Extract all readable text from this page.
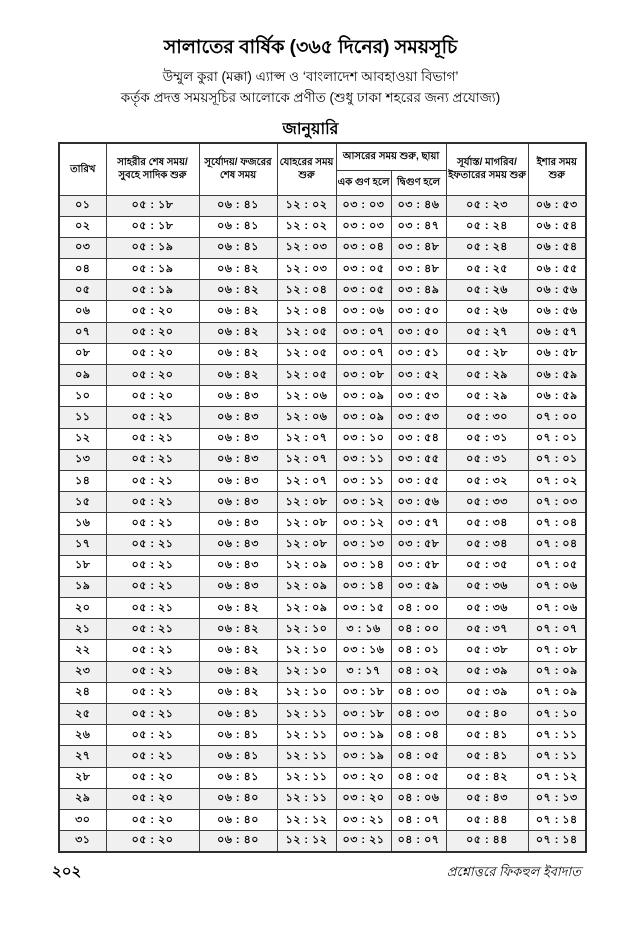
সালাতের বার্ষিক (৩৬৫ দিনের) সময়সূচি
উম্মুল কুরা (মক্কা) এ্যাপ্স ও ‘বাংলাদেশ আবহাওয়া বিভাগ’
কর্তৃক প্রদত্ত সময়সূচির আলোকে প্রণীত (শুধু ঢাকা শহরের জন্য প্রযোজ্য)
জানুয়ারি
তারিখ	সাহরীর শেষ সময়/ সুবহে সাদিক শুরু	সূর্যোদয়/ ফজরের শেষ সময়	যোহরের সময় শুরু	আসরের সময় শুরু, ছায়া		সূর্যাস্ত/ মাগরিব/ ইফতারের সময় শুরু	ইশার সময় শুরু
				এক গুণ হলে	দ্বিগুণ হলে		
০১	০৫ : ১৮	০৬ : ৪১	১২ : ০২	০৩ : ০৩	০৩ : ৪৬	০৫ : ২৩	০৬ : ৫৩
০২	০৫ : ১৮	০৬ : ৪১	১২ : ০২	০৩ : ০৩	০৩ : ৪৭	০৫ : ২৪	০৬ : ৫৪
০৩	০৫ : ১৯	০৬ : ৪১	১২ : ০৩	০৩ : ০৪	০৩ : ৪৮	০৫ : ২৪	০৬ : ৫৪
০৪	০৫ : ১৯	০৬ : ৪২	১২ : ০৩	০৩ : ০৫	০৩ : ৪৮	০৫ : ২৫	০৬ : ৫৫
০৫	০৫ : ১৯	০৬ : ৪২	১২ : ০৪	০৩ : ০৫	০৩ : ৪৯	০৫ : ২৬	০৬ : ৫৬
০৬	০৫ : ২০	০৬ : ৪২	১২ : ০৪	০৩ : ০৬	০৩ : ৫০	০৫ : ২৬	০৬ : ৫৬
০৭	০৫ : ২০	০৬ : ৪২	১২ : ০৫	০৩ : ০৭	০৩ : ৫০	০৫ : ২৭	০৬ : ৫৭
০৮	০৫ : ২০	০৬ : ৪২	১২ : ০৫	০৩ : ০৭	০৩ : ৫১	০৫ : ২৮	০৬ : ৫৮
০৯	০৫ : ২০	০৬ : ৪২	১২ : ০৫	০৩ : ০৮	০৩ : ৫২	০৫ : ২৯	০৬ : ৫৯
১০	০৫ : ২০	০৬ : ৪৩	১২ : ০৬	০৩ : ০৯	০৩ : ৫৩	০৫ : ২৯	০৬ : ৫৯
১১	০৫ : ২১	০৬ : ৪৩	১২ : ০৬	০৩ : ০৯	০৩ : ৫৩	০৫ : ৩০	০৭ : ০০
১২	০৫ : ২১	০৬ : ৪৩	১২ : ০৭	০৩ : ১০	০৩ : ৫৪	০৫ : ৩১	০৭ : ০১
১৩	০৫ : ২১	০৬ : ৪৩	১২ : ০৭	০৩ : ১১	০৩ : ৫৫	০৫ : ৩১	০৭ : ০১
১৪	০৫ : ২১	০৬ : ৪৩	১২ : ০৭	০৩ : ১১	০৩ : ৫৫	০৫ : ৩২	০৭ : ০২
১৫	০৫ : ২১	০৬ : ৪৩	১২ : ০৮	০৩ : ১২	০৩ : ৫৬	০৫ : ৩৩	০৭ : ০৩
১৬	০৫ : ২১	০৬ : ৪৩	১২ : ০৮	০৩ : ১২	০৩ : ৫৭	০৫ : ৩৪	০৭ : ০৪
১৭	০৫ : ২১	০৬ : ৪৩	১২ : ০৮	০৩ : ১৩	০৩ : ৫৮	০৫ : ৩৪	০৭ : ০৪
১৮	০৫ : ২১	০৬ : ৪৩	১২ : ০৯	০৩ : ১৪	০৩ : ৫৮	০৫ : ৩৫	০৭ : ০৫
১৯	০৫ : ২১	০৬ : ৪৩	১২ : ০৯	০৩ : ১৪	০৩ : ৫৯	০৫ : ৩৬	০৭ : ০৬
২০	০৫ : ২১	০৬ : ৪২	১২ : ০৯	০৩ : ১৫	০৪ : ০০	০৫ : ৩৬	০৭ : ০৬
২১	০৫ : ২১	০৬ : ৪২	১২ : ১০	৩ : ১৬	০৪ : ০০	০৫ : ৩৭	০৭ : ০৭
২২	০৫ : ২১	০৬ : ৪২	১২ : ১০	০৩ : ১৬	০৪ : ০১	০৫ : ৩৮	০৭ : ০৮
২৩	০৫ : ২১	০৬ : ৪২	১২ : ১০	৩ : ১৭	০৪ : ০২	০৫ : ৩৯	০৭ : ০৯
২৪	০৫ : ২১	০৬ : ৪২	১২ : ১০	০৩ : ১৮	০৪ : ০৩	০৫ : ৩৯	০৭ : ০৯
২৫	০৫ : ২১	০৬ : ৪১	১২ : ১১	০৩ : ১৮	০৪ : ০৩	০৫ : ৪০	০৭ : ১০
২৬	০৫ : ২১	০৬ : ৪১	১২ : ১১	০৩ : ১৯	০৪ : ০৪	০৫ : ৪১	০৭ : ১১
২৭	০৫ : ২১	০৬ : ৪১	১২ : ১১	০৩ : ১৯	০৪ : ০৫	০৫ : ৪১	০৭ : ১১
২৮	০৫ : ২০	০৬ : ৪১	১২ : ১১	০৩ : ২০	০৪ : ০৫	০৫ : ৪২	০৭ : ১২
২৯	০৫ : ২০	০৬ : ৪০	১২ : ১১	০৩ : ২০	০৪ : ০৬	০৫ : ৪৩	০৭ : ১৩
৩০	০৫ : ২০	০৬ : ৪০	১২ : ১২	০৩ : ২১	০৪ : ০৭	০৫ : ৪৪	০৭ : ১৪
৩১	০৫ : ২০	০৬ : ৪০	১২ : ১২	০৩ : ২১	০৪ : ০৭	০৫ : ৪৪	০৭ : ১৪
২০২	প্রশ্নোত্তরে ফিকহুল ইবাদাত
